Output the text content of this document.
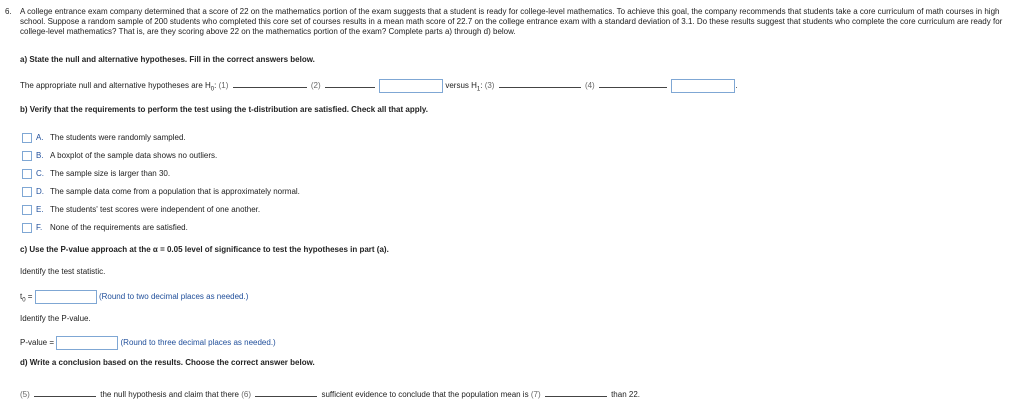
6. A college entrance exam company determined that a score of 22 on the mathematics portion of the exam suggests that a student is ready for college-level mathematics. To achieve this goal, the company recommends that students take a core curriculum of math courses in high school. Suppose a random sample of 200 students who completed this core set of courses results in a mean math score of 22.7 on the college entrance exam with a standard deviation of 3.1. Do these results suggest that students who complete the core curriculum are ready for college-level mathematics? That is, are they scoring above 22 on the mathematics portion of the exam? Complete parts a) through d) below.
a) State the null and alternative hypotheses. Fill in the correct answers below.
The appropriate null and alternative hypotheses are $H_0$: (1)	(2)	versus $H_1$: (3)	(4)	.
b) Verify that the requirements to perform the test using the t-distribution are satisfied. Check all that apply.
A. The students were randomly sampled.
B. A boxplot of the sample data shows no outliers.
C. The sample size is larger than 30.
D. The sample data come from a population that is approximately normal.
E. The students' test scores were independent of one another.
F. None of the requirements are satisfied.
c) Use the P-value approach at the α = 0.05 level of significance to test the hypotheses in part (a).
Identify the test statistic.
$t_0$ =	(Round to two decimal places as needed.)
Identify the P-value.
P-value =	(Round to three decimal places as needed.)
d) Write a conclusion based on the results. Choose the correct answer below.
(5)	the null hypothesis and claim that there (6)	sufficient evidence to conclude that the population mean is (7)	than 22.
